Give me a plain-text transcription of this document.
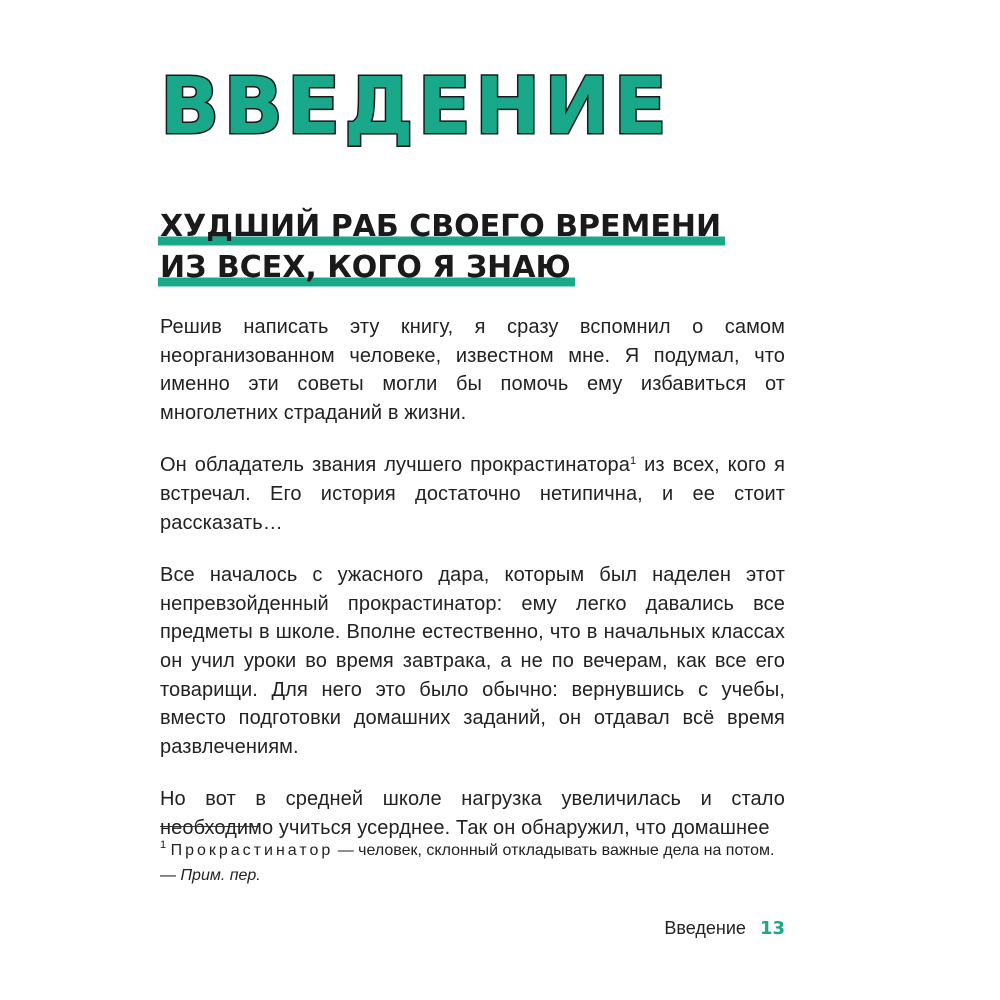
ВВЕДЕНИЕ
ХУДШИЙ РАБ СВОЕГО ВРЕМЕНИ
ИЗ ВСЕХ, КОГО Я ЗНАЮ

Решив написать эту книгу, я сразу вспомнил о самом неорганизованном человеке, известном мне. Я подумал, что именно эти советы могли бы помочь ему избавиться от многолетних страданий в жизни.

Он обладатель звания лучшего прокрастинатора$^1$ из всех, кого я встречал. Его история достаточно нетипична, и ее стоит рассказать…

Все началось с ужасного дара, которым был наделен этот непревзойденный прокрастинатор: ему легко давались все предметы в школе. Вполне естественно, что в начальных классах он учил уроки во время завтрака, а не по вечерам, как все его товарищи. Для него это было обычно: вернувшись с учебы, вместо подготовки домашних заданий, он отдавал всё время развлечениям.

Но вот в средней школе нагрузка увеличилась и стало необходимо учиться усерднее. Так он обнаружил, что домашнее

$^1$ Прокрастинатор — человек, склонный откладывать важные дела на потом. — Прим. пер.
Введение 13
